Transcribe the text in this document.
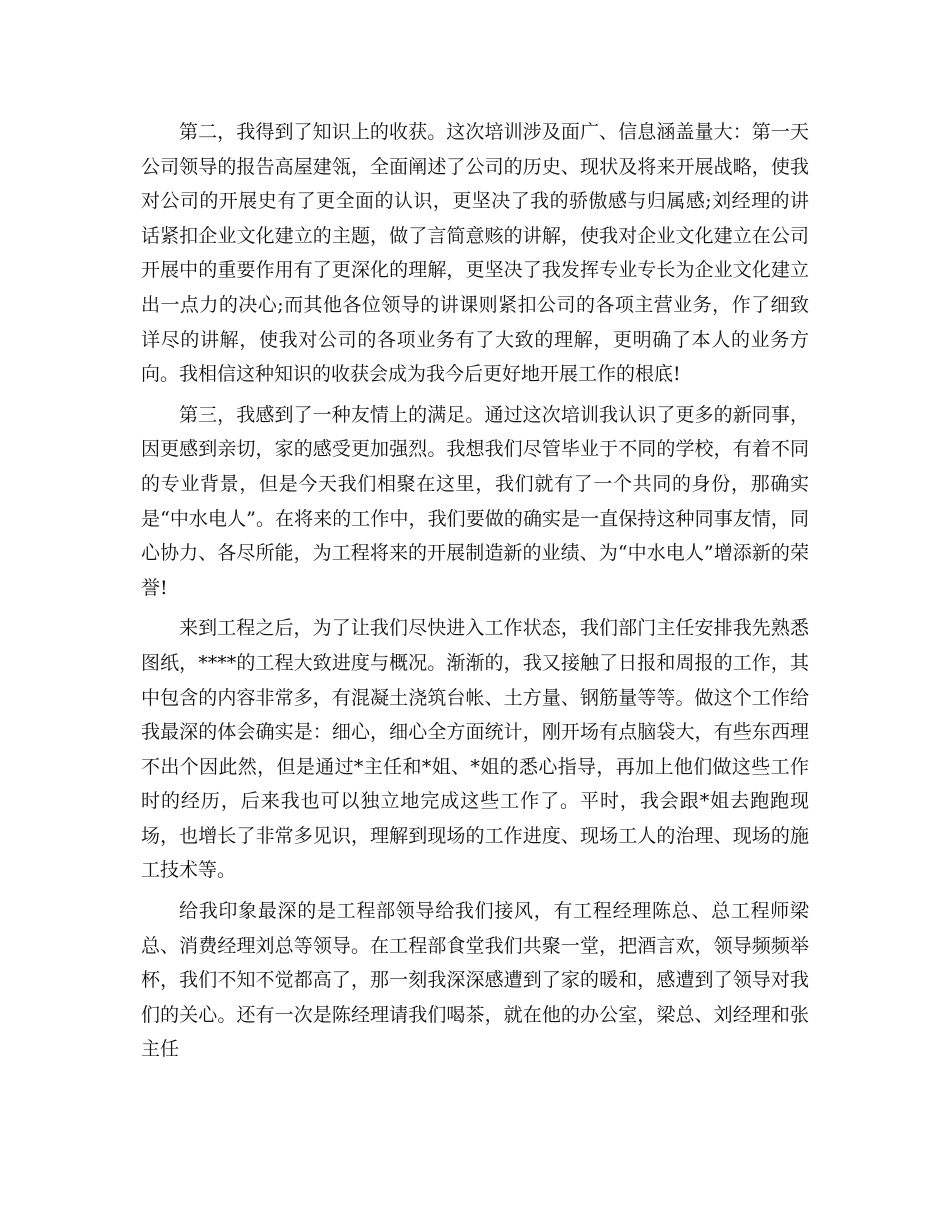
第二，我得到了知识上的收获。这次培训涉及面广、信息涵盖量大：第一天公司领导的报告高屋建瓴，全面阐述了公司的历史、现状及将来开展战略，使我对公司的开展史有了更全面的认识，更坚决了我的骄傲感与归属感;刘经理的讲话紧扣企业文化建立的主题，做了言简意赅的讲解，使我对企业文化建立在公司开展中的重要作用有了更深化的理解，更坚决了我发挥专业专长为企业文化建立出一点力的决心;而其他各位领导的讲课则紧扣公司的各项主营业务，作了细致详尽的讲解，使我对公司的各项业务有了大致的理解，更明确了本人的业务方向。我相信这种知识的收获会成为我今后更好地开展工作的根底!

第三，我感到了一种友情上的满足。通过这次培训我认识了更多的新同事，因更感到亲切，家的感受更加强烈。我想我们尽管毕业于不同的学校，有着不同的专业背景，但是今天我们相聚在这里，我们就有了一个共同的身份，那确实是“中水电人”。在将来的工作中，我们要做的确实是一直保持这种同事友情，同心协力、各尽所能，为工程将来的开展制造新的业绩、为“中水电人”增添新的荣誉!

来到工程之后，为了让我们尽快进入工作状态，我们部门主任安排我先熟悉图纸，****的工程大致进度与概况。渐渐的，我又接触了日报和周报的工作，其中包含的内容非常多，有混凝土浇筑台帐、土方量、钢筋量等等。做这个工作给我最深的体会确实是：细心，细心全方面统计，刚开场有点脑袋大，有些东西理不出个因此然，但是通过*主任和*姐、*姐的悉心指导，再加上他们做这些工作时的经历，后来我也可以独立地完成这些工作了。平时，我会跟*姐去跑跑现场，也增长了非常多见识，理解到现场的工作进度、现场工人的治理、现场的施工技术等。

给我印象最深的是工程部领导给我们接风，有工程经理陈总、总工程师梁总、消费经理刘总等领导。在工程部食堂我们共聚一堂，把酒言欢，领导频频举杯，我们不知不觉都高了，那一刻我深深感遭到了家的暖和，感遭到了领导对我们的关心。还有一次是陈经理请我们喝茶，就在他的办公室，梁总、刘经理和张主任
